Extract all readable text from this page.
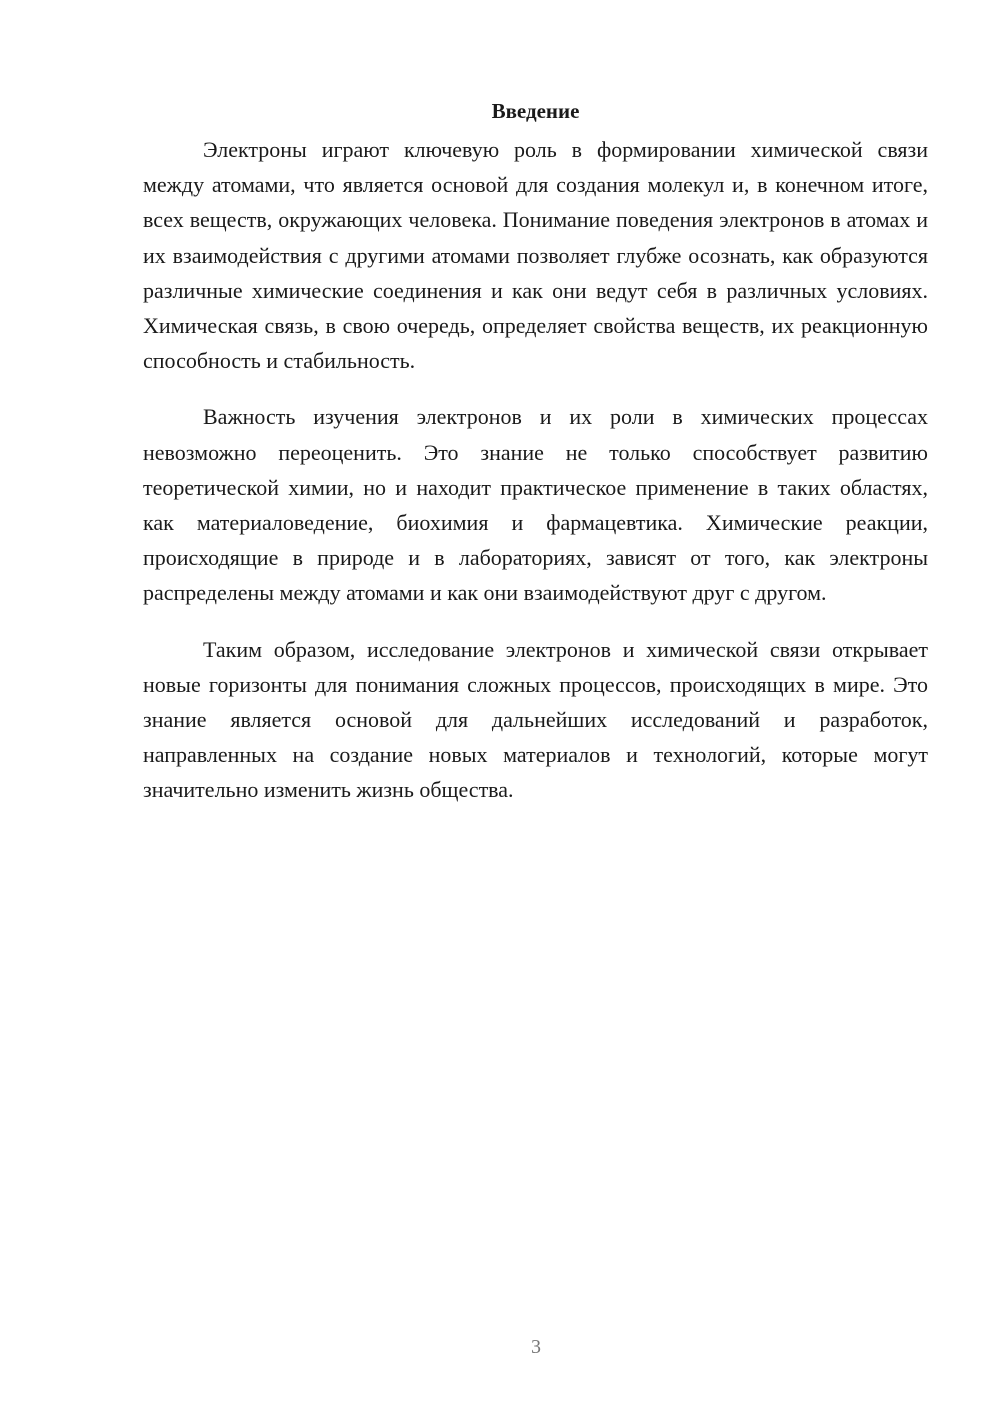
Введение

Электроны играют ключевую роль в формировании химической связи между атомами, что является основой для создания молекул и, в конечном итоге, всех веществ, окружающих человека. Понимание поведения электронов в атомах и их взаимодействия с другими атомами позволяет глубже осознать, как образуются различные химические соединения и как они ведут себя в различных условиях. Химическая связь, в свою очередь, определяет свойства веществ, их реакционную способность и стабильность.

Важность изучения электронов и их роли в химических процессах невозможно переоценить. Это знание не только способствует развитию теоретической химии, но и находит практическое применение в таких областях, как материаловедение, биохимия и фармацевтика. Химические реакции, происходящие в природе и в лабораториях, зависят от того, как электроны распределены между атомами и как они взаимодействуют друг с другом.

Таким образом, исследование электронов и химической связи открывает новые горизонты для понимания сложных процессов, происходящих в мире. Это знание является основой для дальнейших исследований и разработок, направленных на создание новых материалов и технологий, которые могут значительно изменить жизнь общества.

3
